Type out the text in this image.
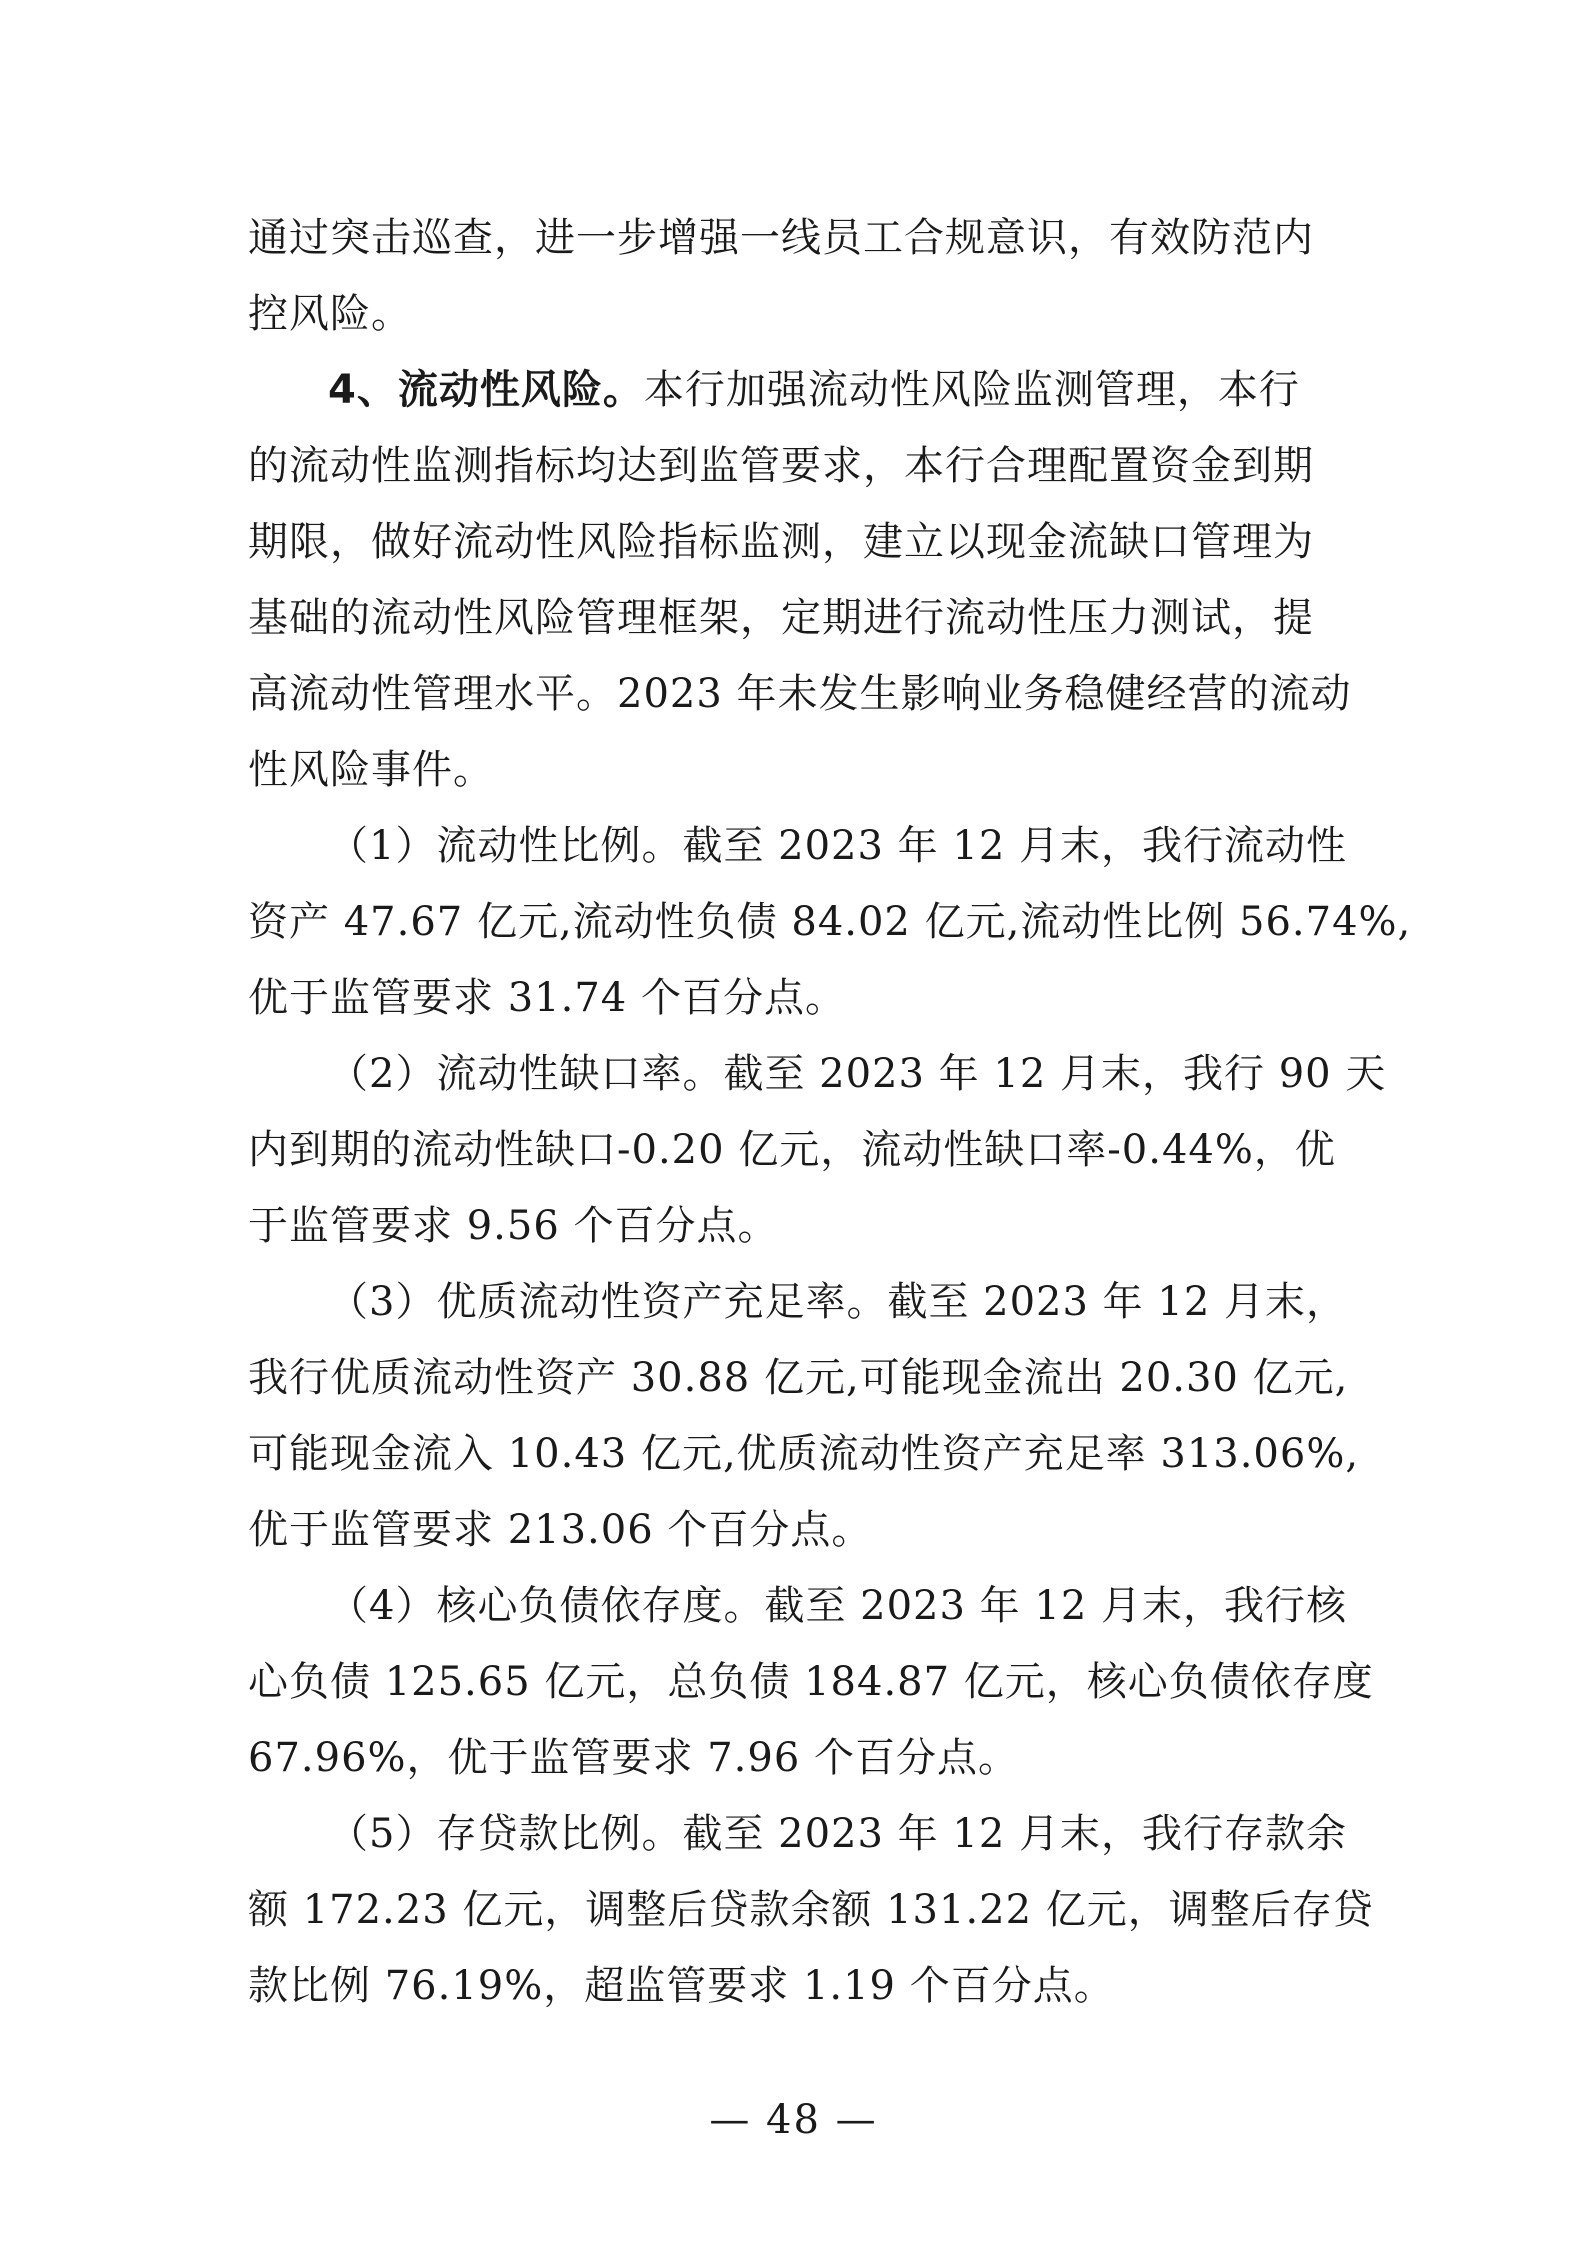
通过突击巡查，进一步增强一线员工合规意识，有效防范内
控风险。
4、流动性风险。本行加强流动性风险监测管理，本行
的流动性监测指标均达到监管要求，本行合理配置资金到期
期限，做好流动性风险指标监测，建立以现金流缺口管理为
基础的流动性风险管理框架，定期进行流动性压力测试，提
高流动性管理水平。2023 年未发生影响业务稳健经营的流动
性风险事件。
（1）流动性比例。截至 2023 年 12 月末，我行流动性
资产 47.67 亿元,流动性负债 84.02 亿元,流动性比例 56.74%,
优于监管要求 31.74 个百分点。
（2）流动性缺口率。截至 2023 年 12 月末，我行 90 天
内到期的流动性缺口-0.20 亿元，流动性缺口率-0.44%，优
于监管要求 9.56 个百分点。
（3）优质流动性资产充足率。截至 2023 年 12 月末，
我行优质流动性资产 30.88 亿元,可能现金流出 20.30 亿元,
可能现金流入 10.43 亿元,优质流动性资产充足率 313.06%,
优于监管要求 213.06 个百分点。
（4）核心负债依存度。截至 2023 年 12 月末，我行核
心负债 125.65 亿元，总负债 184.87 亿元，核心负债依存度
67.96%，优于监管要求 7.96 个百分点。
（5）存贷款比例。截至 2023 年 12 月末，我行存款余
额 172.23 亿元，调整后贷款余额 131.22 亿元，调整后存贷
款比例 76.19%，超监管要求 1.19 个百分点。
— 48 —
